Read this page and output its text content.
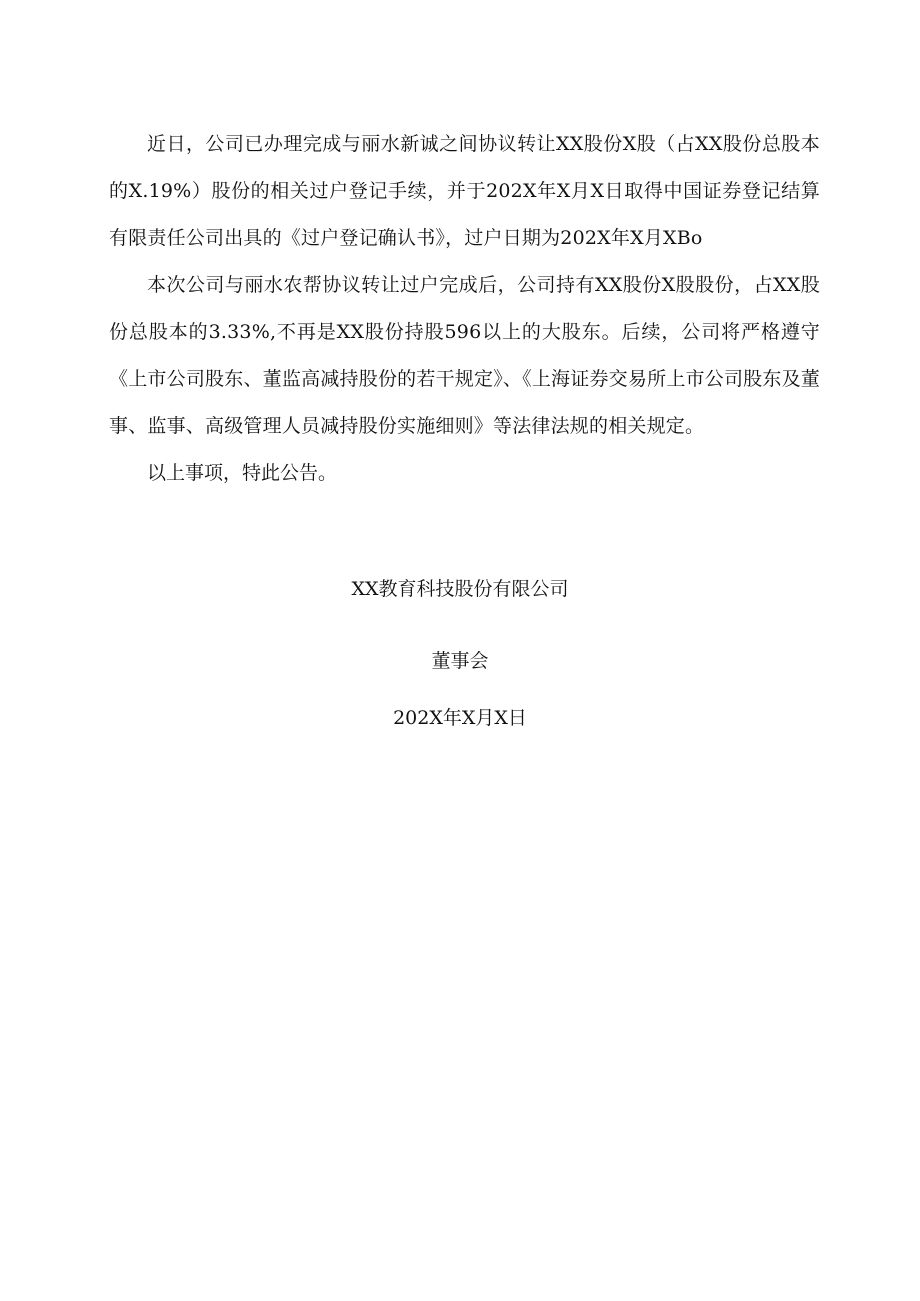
近日，公司已办理完成与丽水新诚之间协议转让XX股份X股（占XX股份总股本的X.19%）股份的相关过户登记手续，并于202X年X月X日取得中国证券登记结算有限责任公司出具的《过户登记确认书》，过户日期为202X年X月XBo

本次公司与丽水农帮协议转让过户完成后，公司持有XX股份X股股份，占XX股份总股本的3.33%,不再是XX股份持股596以上的大股东。后续，公司将严格遵守《上市公司股东、董监高减持股份的若干规定》、《上海证券交易所上市公司股东及董事、监事、高级管理人员减持股份实施细则》等法律法规的相关规定。

以上事项，特此公告。

XX教育科技股份有限公司

董事会

202X年X月X日
